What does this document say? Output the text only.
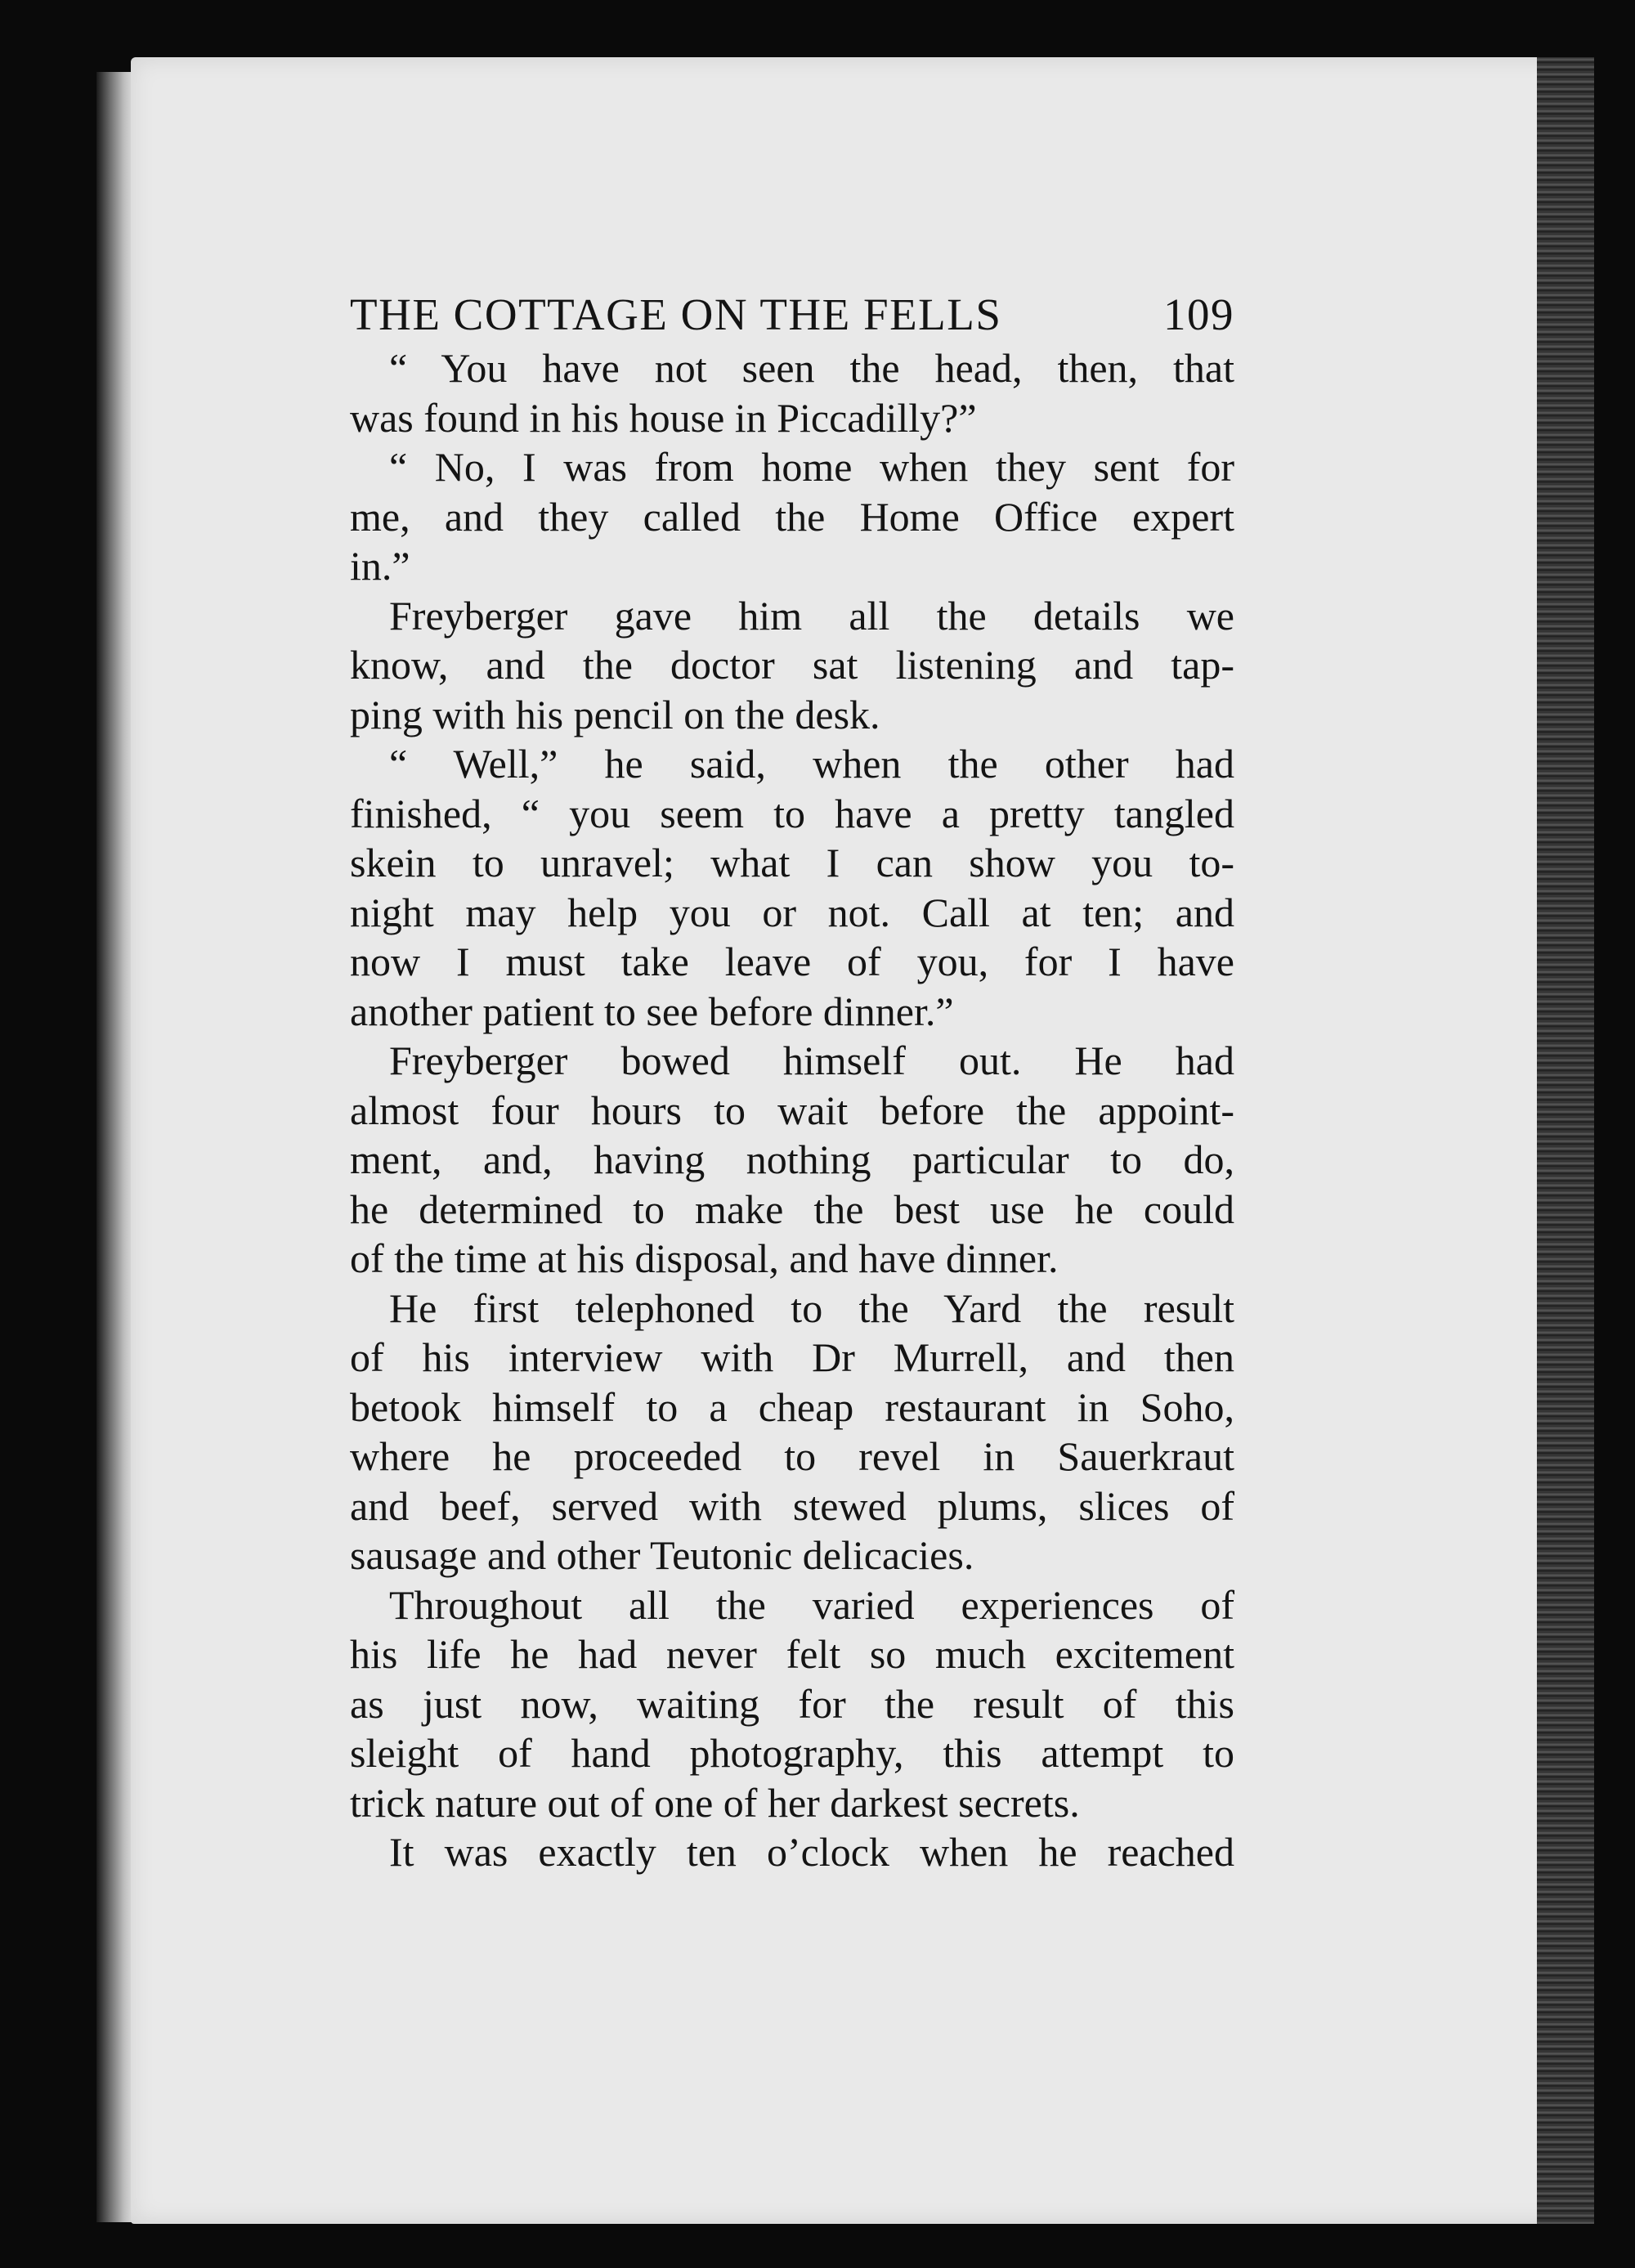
THE COTTAGE ON THE FELLS	109
“ You have not seen the head, then, that
was found in his house in Piccadilly?”
“ No, I was from home when they sent for
me, and they called the Home Office expert
in.”
Freyberger gave him all the details we
know, and the doctor sat listening and tap-
ping with his pencil on the desk.
“ Well,” he said, when the other had
finished, “ you seem to have a pretty tangled
skein to unravel; what I can show you to-
night may help you or not. Call at ten; and
now I must take leave of you, for I have
another patient to see before dinner.”
Freyberger bowed himself out. He had
almost four hours to wait before the appoint-
ment, and, having nothing particular to do,
he determined to make the best use he could
of the time at his disposal, and have dinner.
He first telephoned to the Yard the result
of his interview with Dr Murrell, and then
betook himself to a cheap restaurant in Soho,
where he proceeded to revel in Sauerkraut
and beef, served with stewed plums, slices of
sausage and other Teutonic delicacies.
Throughout all the varied experiences of
his life he had never felt so much excitement
as just now, waiting for the result of this
sleight of hand photography, this attempt to
trick nature out of one of her darkest secrets.
It was exactly ten o’clock when he reached
